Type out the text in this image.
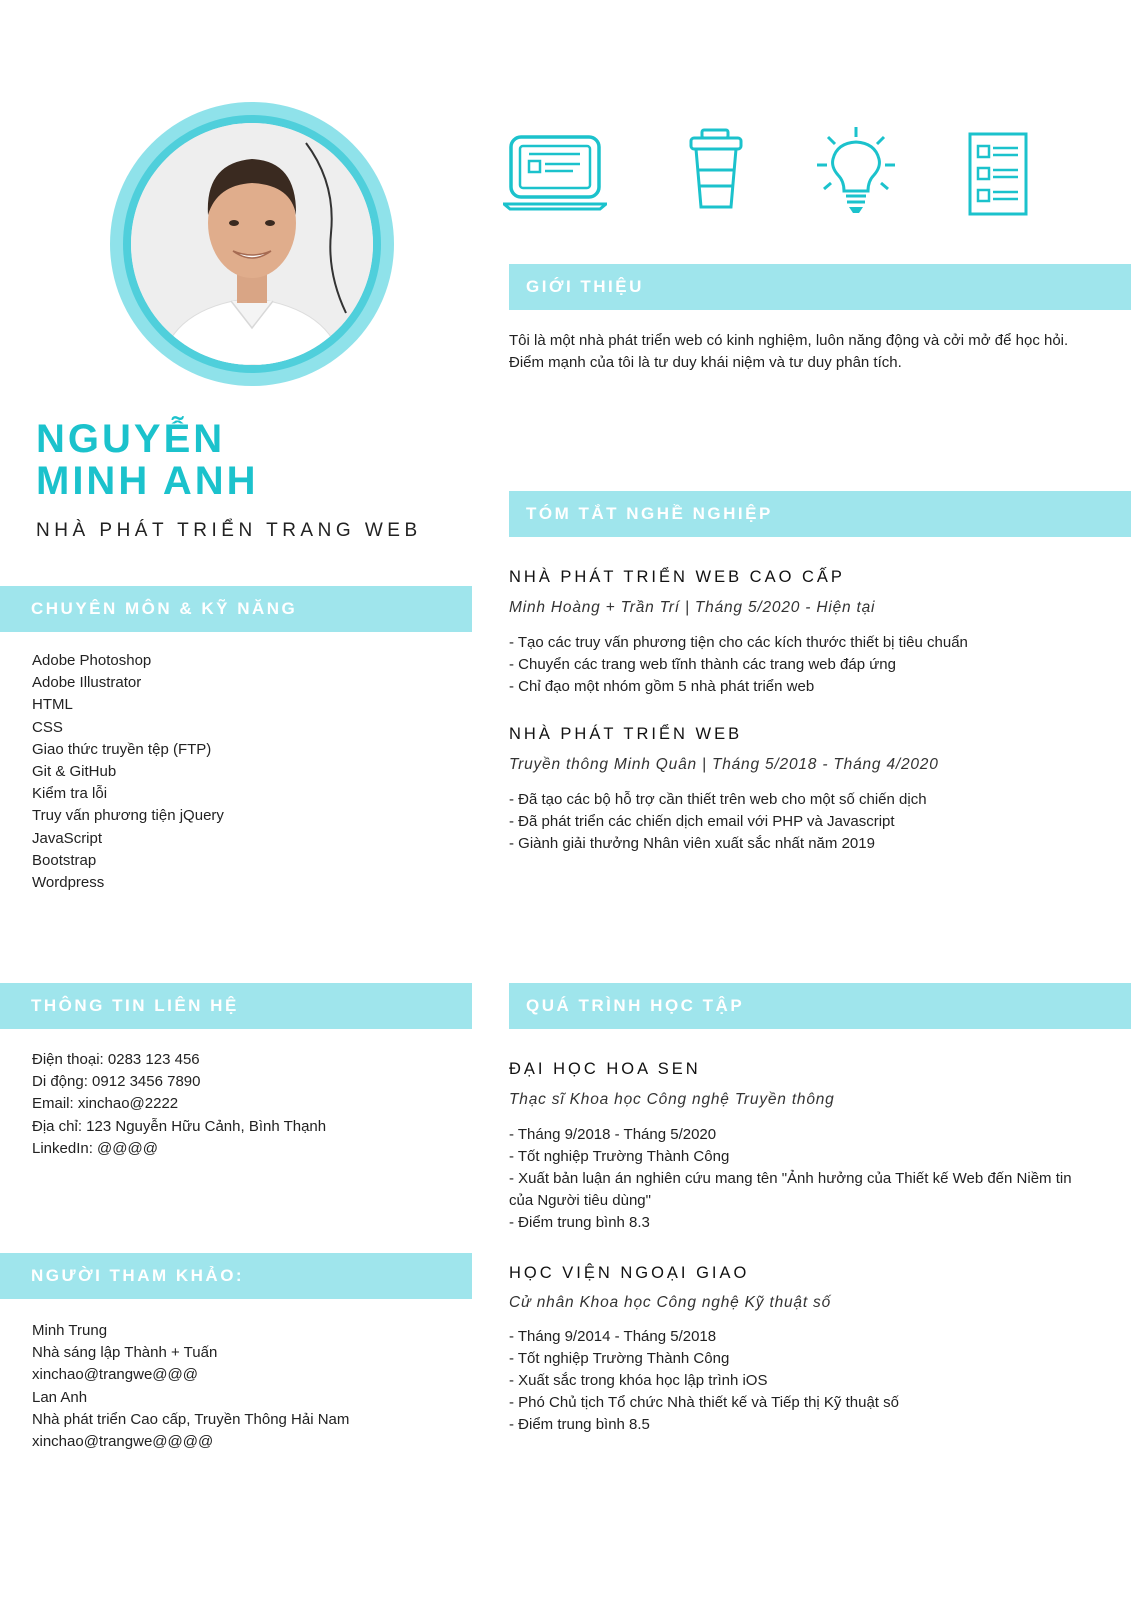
NGUYỄN
MINH ANH
NHÀ PHÁT TRIỂN TRANG WEB
GIỚI THIỆU
Tôi là một nhà phát triển web có kinh nghiệm, luôn năng động và cởi mở để học hỏi. Điểm mạnh của tôi là tư duy khái niệm và tư duy phân tích.
CHUYÊN MÔN & KỸ NĂNG
Adobe Photoshop
Adobe Illustrator
HTML
CSS
Giao thức truyền tệp (FTP)
Git & GitHub
Kiểm tra lỗi
Truy vấn phương tiện jQuery
JavaScript
Bootstrap
Wordpress
THÔNG TIN LIÊN HỆ
Điện thoại: 0283 123 456
Di động: 0912 3456 7890
Email: xinchao@2222
Địa chỉ: 123 Nguyễn Hữu Cảnh, Bình Thạnh
LinkedIn: @@@@
NGƯỜI THAM KHẢO:
Minh Trung
Nhà sáng lập Thành + Tuấn
xinchao@trangwe@@@
Lan Anh
Nhà phát triển Cao cấp, Truyền Thông Hải Nam
xinchao@trangwe@@@@
TÓM TẮT NGHỀ NGHIỆP
NHÀ PHÁT TRIỂN WEB CAO CẤP
Minh Hoàng + Trần Trí | Tháng 5/2020 - Hiện tại
- Tạo các truy vấn phương tiện cho các kích thước thiết bị tiêu chuẩn
- Chuyển các trang web tĩnh thành các trang web đáp ứng
- Chỉ đạo một nhóm gồm 5 nhà phát triển web
NHÀ PHÁT TRIỂN WEB
Truyền thông Minh Quân | Tháng 5/2018 - Tháng 4/2020
- Đã tạo các bộ hỗ trợ cần thiết trên web cho một số chiến dịch
- Đã phát triển các chiến dịch email với PHP và Javascript
- Giành giải thưởng Nhân viên xuất sắc nhất năm 2019
QUÁ TRÌNH HỌC TẬP
ĐẠI HỌC HOA SEN
Thạc sĩ Khoa học Công nghệ Truyền thông
- Tháng 9/2018 - Tháng 5/2020
- Tốt nghiệp Trường Thành Công
- Xuất bản luận án nghiên cứu mang tên "Ảnh hưởng của Thiết kế Web đến Niềm tin của Người tiêu dùng"
- Điểm trung bình 8.3
HỌC VIỆN NGOẠI GIAO
Cử nhân Khoa học Công nghệ Kỹ thuật số
- Tháng 9/2014 - Tháng 5/2018
- Tốt nghiệp Trường Thành Công
- Xuất sắc trong khóa học lập trình iOS
- Phó Chủ tịch Tổ chức Nhà thiết kế và Tiếp thị Kỹ thuật số
- Điểm trung bình 8.5
